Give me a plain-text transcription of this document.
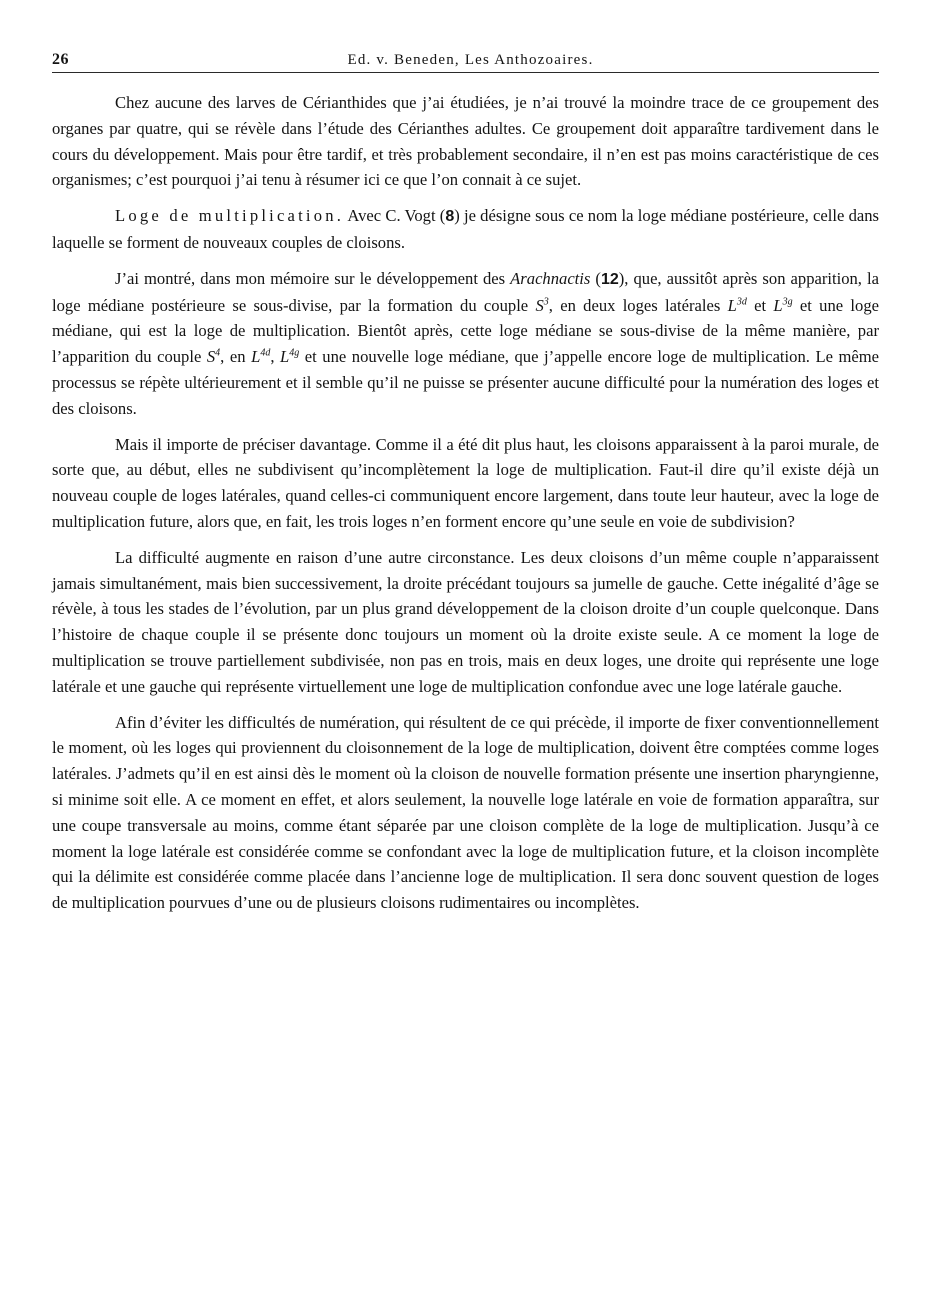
26	Ed. v. Beneden, Les Anthozoaires.

Chez aucune des larves de Cérianthides que j’ai étudiées, je n’ai trouvé la moindre trace de ce groupement des organes par quatre, qui se révèle dans l’étude des Cérianthes adultes. Ce groupement doit apparaître tardivement dans le cours du développement. Mais pour être tardif, et très probablement secondaire, il n’en est pas moins caractéristique de ces organismes; c’est pourquoi j’ai tenu à résumer ici ce que l’on connait à ce sujet.

Loge de multiplication. Avec C. Vogt (8) je désigne sous ce nom la loge médiane postérieure, celle dans laquelle se forment de nouveaux couples de cloisons.

J’ai montré, dans mon mémoire sur le développement des Arachnactis (12), que, aussitôt après son apparition, la loge médiane postérieure se sous-divise, par la formation du couple $S^3$, en deux loges latérales $L^{3d}$ et $L^{3g}$ et une loge médiane, qui est la loge de multiplication. Bientôt après, cette loge médiane se sous-divise de la même manière, par l’apparition du couple $S^4$, en $L^{4d}$, $L^{4g}$ et une nouvelle loge médiane, que j’appelle encore loge de multiplication. Le même processus se répète ultérieurement et il semble qu’il ne puisse se présenter aucune difficulté pour la numération des loges et des cloisons.

Mais il importe de préciser davantage. Comme il a été dit plus haut, les cloisons apparaissent à la paroi murale, de sorte que, au début, elles ne subdivisent qu’incomplètement la loge de multiplication. Faut-il dire qu’il existe déjà un nouveau couple de loges latérales, quand celles-ci communiquent encore largement, dans toute leur hauteur, avec la loge de multiplication future, alors que, en fait, les trois loges n’en forment encore qu’une seule en voie de subdivision?

La difficulté augmente en raison d’une autre circonstance. Les deux cloisons d’un même couple n’apparaissent jamais simultanément, mais bien successivement, la droite précédant toujours sa jumelle de gauche. Cette inégalité d’âge se révèle, à tous les stades de l’évolution, par un plus grand développement de la cloison droite d’un couple quelconque. Dans l’histoire de chaque couple il se présente donc toujours un moment où la droite existe seule. A ce moment la loge de multiplication se trouve partiellement subdivisée, non pas en trois, mais en deux loges, une droite qui représente une loge latérale et une gauche qui représente virtuellement une loge de multiplication confondue avec une loge latérale gauche.

Afin d’éviter les difficultés de numération, qui résultent de ce qui précède, il importe de fixer conventionnellement le moment, où les loges qui proviennent du cloisonnement de la loge de multiplication, doivent être comptées comme loges latérales. J’admets qu’il en est ainsi dès le moment où la cloison de nouvelle formation présente une insertion pharyngienne, si minime soit elle. A ce moment en effet, et alors seulement, la nouvelle loge latérale en voie de formation apparaîtra, sur une coupe transversale au moins, comme étant séparée par une cloison complète de la loge de multiplication. Jusqu’à ce moment la loge latérale est considérée comme se confondant avec la loge de multiplication future, et la cloison incomplète qui la délimite est considérée comme placée dans l’ancienne loge de multiplication. Il sera donc souvent question de loges de multiplication pourvues d’une ou de plusieurs cloisons rudimentaires ou incomplètes.
